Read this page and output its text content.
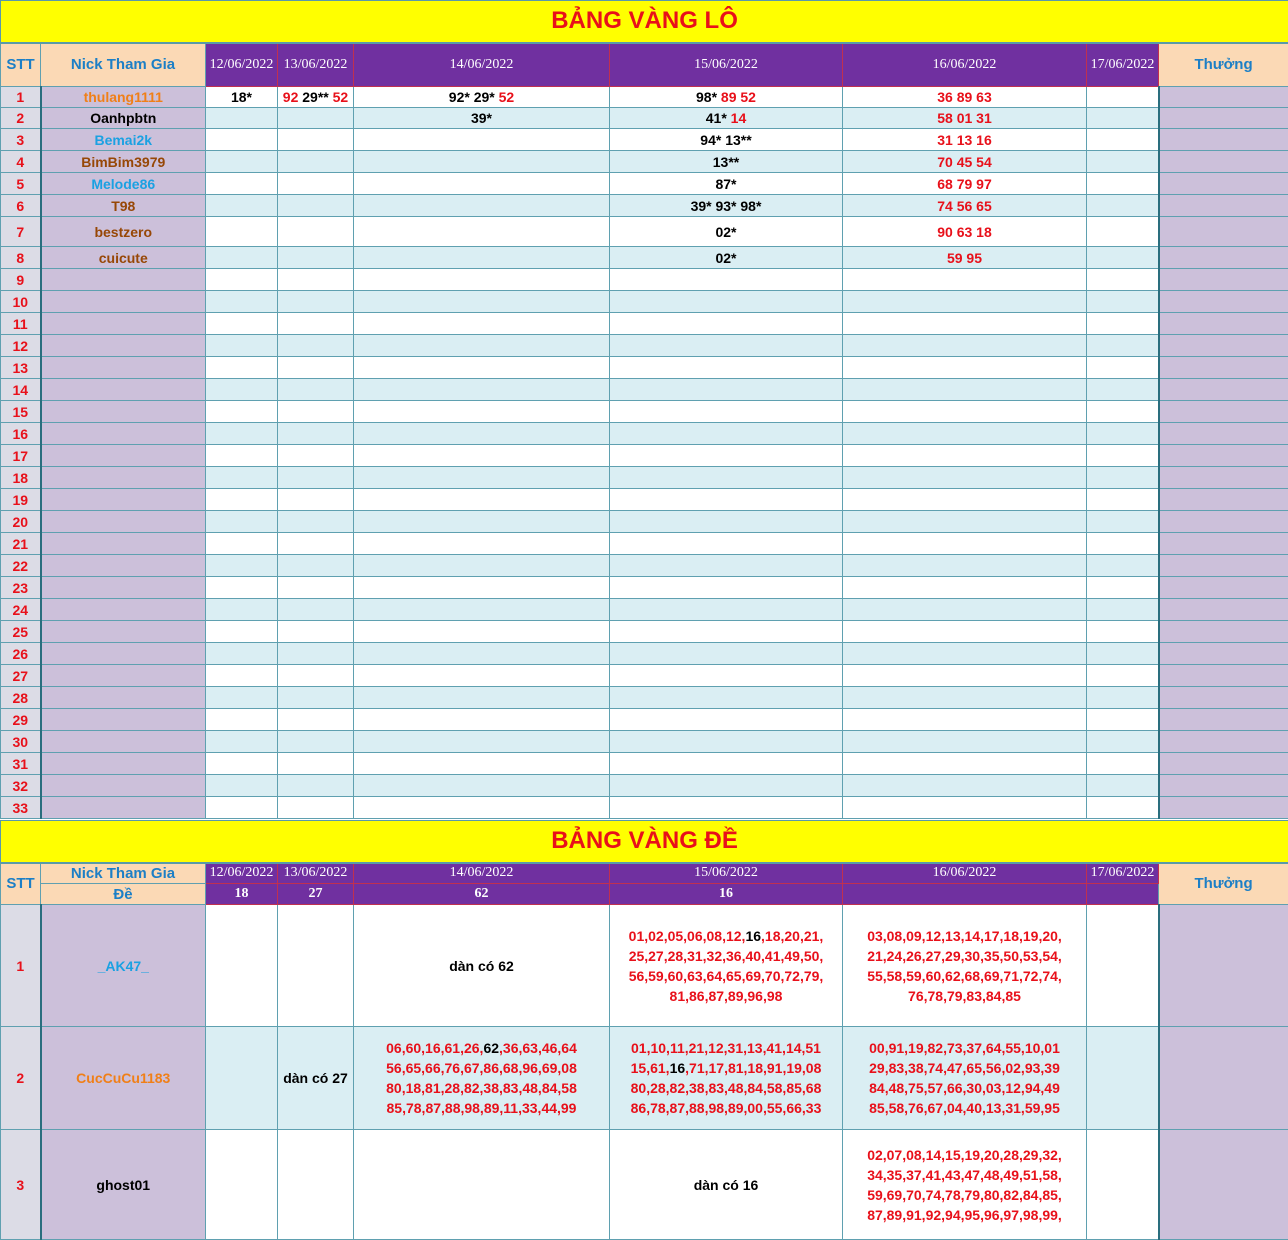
BẢNG VÀNG LÔ								
STT	Nick Tham Gia	12/06/2022	13/06/2022	14/06/2022	15/06/2022	16/06/2022	17/06/2022	Thưởng
1	thulang1111	18*	92 29** 52	92* 29* 52	98* 89 52	36 89 63		
2	Oanhpbtn			39*	41* 14	58 01 31		
3	Bemai2k				94* 13**	31 13 16		
4	BimBim3979				13**	70 45 54		
5	Melode86				87*	68 79 97		
6	T98				39* 93* 98*	74 56 65		
7	bestzero				02*	90 63 18		
8	cuicute				02*	59 95		
9								
10								
11								
12								
13								
14								
15								
16								
17								
18								
19								
20								
21								
22								
23								
24								
25								
26								
27								
28								
29								
30								
31								
32								
33								
BẢNG VÀNG ĐỀ								
STT	Nick Tham Gia	12/06/2022	13/06/2022	14/06/2022	15/06/2022	16/06/2022	17/06/2022	Thưởng
	Đề	18	27	62	16			
1	_AK47_			dàn có 62	01,02,05,06,08,12,16,18,20,21,
25,27,28,31,32,36,40,41,49,50,
56,59,60,63,64,65,69,70,72,79,
81,86,87,89,96,98	03,08,09,12,13,14,17,18,19,20,
21,24,26,27,29,30,35,50,53,54,
55,58,59,60,62,68,69,71,72,74,
76,78,79,83,84,85		
2	CucCuCu1183		dàn có 27	06,60,16,61,26,62,36,63,46,64
56,65,66,76,67,86,68,96,69,08
80,18,81,28,82,38,83,48,84,58
85,78,87,88,98,89,11,33,44,99	01,10,11,21,12,31,13,41,14,51
15,61,16,71,17,81,18,91,19,08
80,28,82,38,83,48,84,58,85,68
86,78,87,88,98,89,00,55,66,33	00,91,19,82,73,37,64,55,10,01
29,83,38,74,47,65,56,02,93,39
84,48,75,57,66,30,03,12,94,49
85,58,76,67,04,40,13,31,59,95		
3	ghost01				dàn có 16	02,07,08,14,15,19,20,28,29,32,
34,35,37,41,43,47,48,49,51,58,
59,69,70,74,78,79,80,82,84,85,
87,89,91,92,94,95,96,97,98,99,		
